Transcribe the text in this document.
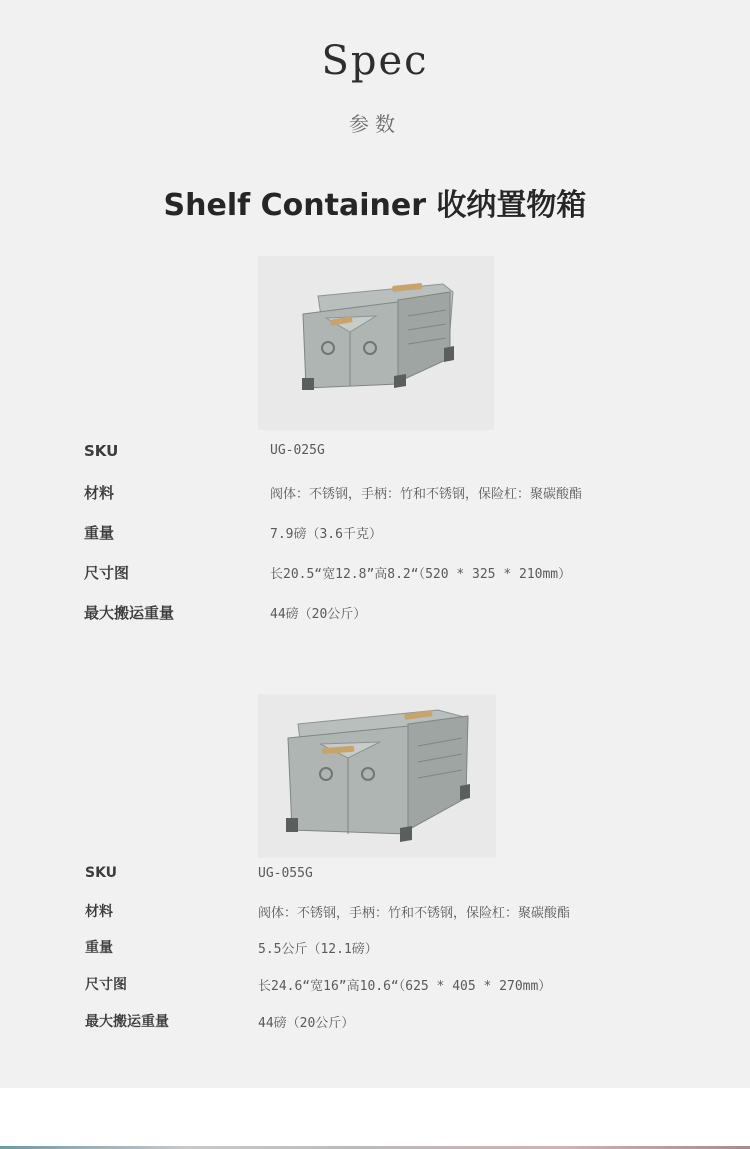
Spec
参数
Shelf Container 收纳置物箱
SKU	UG-025G
材料	阀体：不锈钢，手柄：竹和不锈钢，保险杠：聚碳酸酯
重量	7.9磅（3.6千克）
尺寸图	长20.5“宽12.8”高8.2“（520 * 325 * 210mm）
最大搬运重量	44磅（20公斤）
SKU	UG-055G
材料	阀体：不锈钢，手柄：竹和不锈钢，保险杠：聚碳酸酯
重量	5.5公斤（12.1磅）
尺寸图	长24.6“宽16”高10.6“（625 * 405 * 270mm）
最大搬运重量	44磅（20公斤）
